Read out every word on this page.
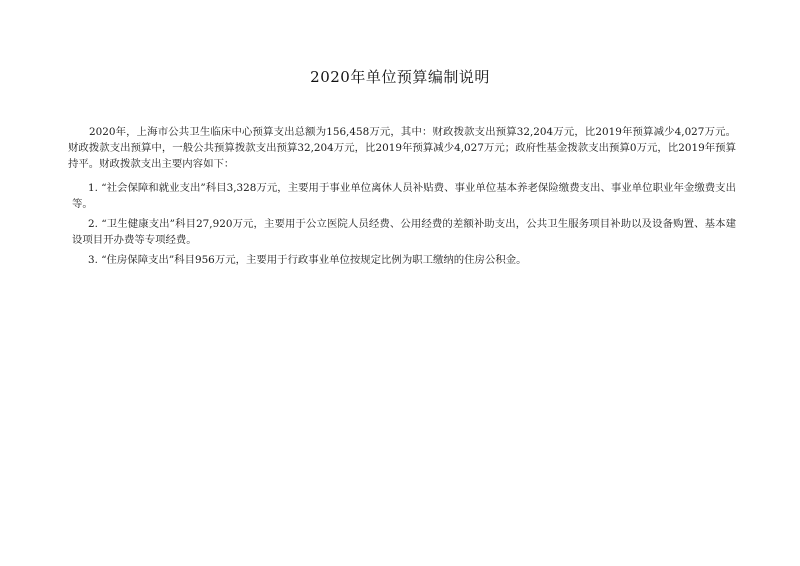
2020年单位预算编制说明

2020年，上海市公共卫生临床中心预算支出总额为156,458万元，其中：财政拨款支出预算32,204万元，比2019年预算减少4,027万元。财政拨款支出预算中，一般公共预算拨款支出预算32,204万元，比2019年预算减少4,027万元；政府性基金拨款支出预算0万元，比2019年预算持平。财政拨款支出主要内容如下：

1. “社会保障和就业支出”科目3,328万元，主要用于事业单位离休人员补贴费、事业单位基本养老保险缴费支出、事业单位职业年金缴费支出等。

2. “卫生健康支出”科目27,920万元，主要用于公立医院人员经费、公用经费的差额补助支出，公共卫生服务项目补助以及设备购置、基本建设项目开办费等专项经费。

3. “住房保障支出”科目956万元，主要用于行政事业单位按规定比例为职工缴纳的住房公积金。
